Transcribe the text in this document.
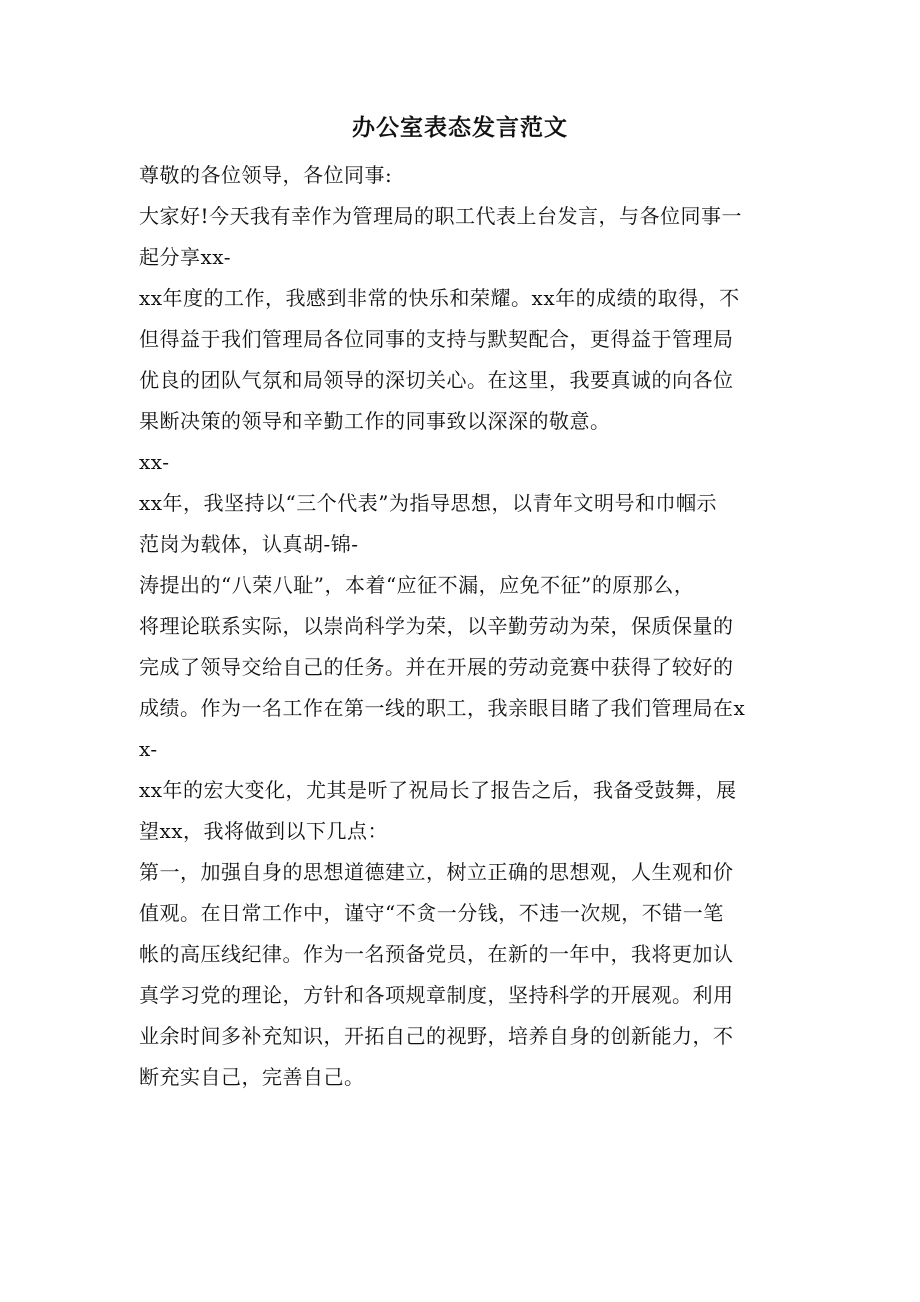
办公室表态发言范文
尊敬的各位领导，各位同事:
大家好!今天我有幸作为管理局的职工代表上台发言，与各位同事一
起分享xx-
xx年度的工作，我感到非常的快乐和荣耀。xx年的成绩的取得，不
但得益于我们管理局各位同事的支持与默契配合，更得益于管理局
优良的团队气氛和局领导的深切关心。在这里，我要真诚的向各位
果断决策的领导和辛勤工作的同事致以深深的敬意。
xx-
xx年，我坚持以“三个代表”为指导思想，以青年文明号和巾帼示
范岗为载体，认真胡-锦-
涛提出的“八荣八耻”，本着“应征不漏，应免不征”的原那么，
将理论联系实际，以崇尚科学为荣，以辛勤劳动为荣，保质保量的
完成了领导交给自己的任务。并在开展的劳动竞赛中获得了较好的
成绩。作为一名工作在第一线的职工，我亲眼目睹了我们管理局在x
x-
xx年的宏大变化，尤其是听了祝局长了报告之后，我备受鼓舞，展
望xx，我将做到以下几点：
第一，加强自身的思想道德建立，树立正确的思想观，人生观和价
值观。在日常工作中，谨守“不贪一分钱，不违一次规，不错一笔
帐的高压线纪律。作为一名预备党员，在新的一年中，我将更加认
真学习党的理论，方针和各项规章制度，坚持科学的开展观。利用
业余时间多补充知识，开拓自己的视野，培养自身的创新能力，不
断充实自己，完善自己。
